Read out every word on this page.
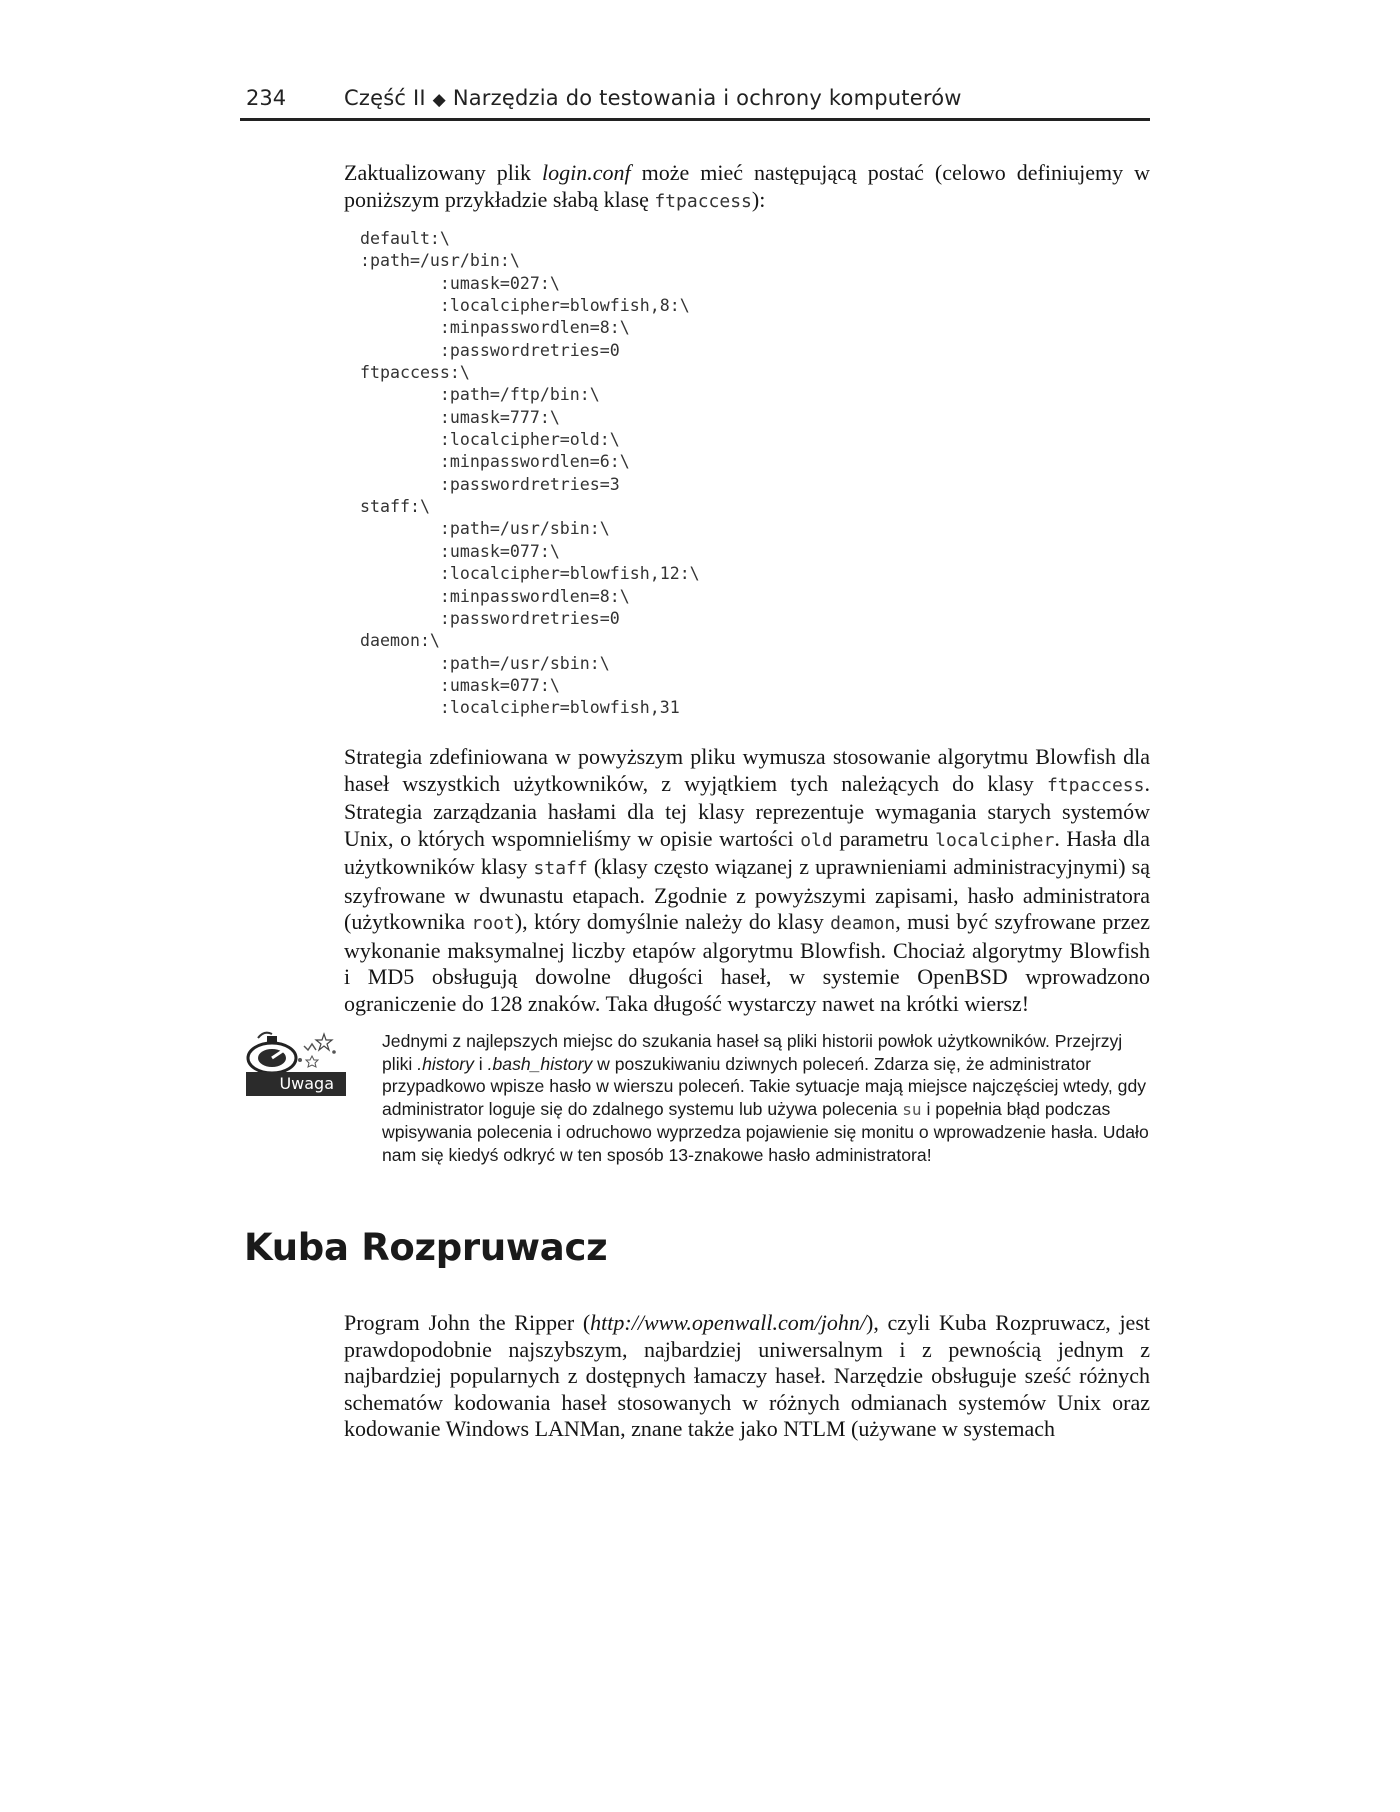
234	Część II ◆ Narzędzia do testowania i ochrony komputerów

Zaktualizowany plik login.conf może mieć następującą postać (celowo definiujemy w poniższym przykładzie słabą klasę ftpaccess):

default:\
:path=/usr/bin:\
:umask=027:\
:localcipher=blowfish,8:\
:minpasswordlen=8:\
:passwordretries=0
ftpaccess:\
:path=/ftp/bin:\
:umask=777:\
:localcipher=old:\
:minpasswordlen=6:\
:passwordretries=3
staff:\
:path=/usr/sbin:\
:umask=077:\
:localcipher=blowfish,12:\
:minpasswordlen=8:\
:passwordretries=0
daemon:\
:path=/usr/sbin:\
:umask=077:\
:localcipher=blowfish,31

Strategia zdefiniowana w powyższym pliku wymusza stosowanie algorytmu Blowfish dla haseł wszystkich użytkowników, z wyjątkiem tych należących do klasy ftpaccess. Strategia zarządzania hasłami dla tej klasy reprezentuje wymagania starych systemów Unix, o których wspomnieliśmy w opisie wartości old parametru localcipher. Hasła dla użytkowników klasy staff (klasy często wiązanej z uprawnieniami administracyjnymi) są szyfrowane w dwunastu etapach. Zgodnie z powyższymi zapisami, hasło administratora (użytkownika root), który domyślnie należy do klasy deamon, musi być szyfrowane przez wykonanie maksymalnej liczby etapów algorytmu Blowfish. Chociaż algorytmy Blowfish i MD5 obsługują dowolne długości haseł, w systemie OpenBSD wprowadzono ograniczenie do 128 znaków. Taka długość wystarczy nawet na krótki wiersz!

Uwaga

Jednymi z najlepszych miejsc do szukania haseł są pliki historii powłok użytkowników. Przejrzyj pliki .history i .bash_history w poszukiwaniu dziwnych poleceń. Zdarza się, że administrator przypadkowo wpisze hasło w wierszu poleceń. Takie sytuacje mają miejsce najczęściej wtedy, gdy administrator loguje się do zdalnego systemu lub używa polecenia su i popełnia błąd podczas wpisywania polecenia i odruchowo wyprzedza pojawienie się monitu o wprowadzenie hasła. Udało nam się kiedyś odkryć w ten sposób 13-znakowe hasło administratora!

Kuba Rozpruwacz

Program John the Ripper (http://www.openwall.com/john/), czyli Kuba Rozpruwacz, jest prawdopodobnie najszybszym, najbardziej uniwersalnym i z pewnością jednym z najbardziej popularnych z dostępnych łamaczy haseł. Narzędzie obsługuje sześć różnych schematów kodowania haseł stosowanych w różnych odmianach systemów Unix oraz kodowanie Windows LANMan, znane także jako NTLM (używane w systemach
